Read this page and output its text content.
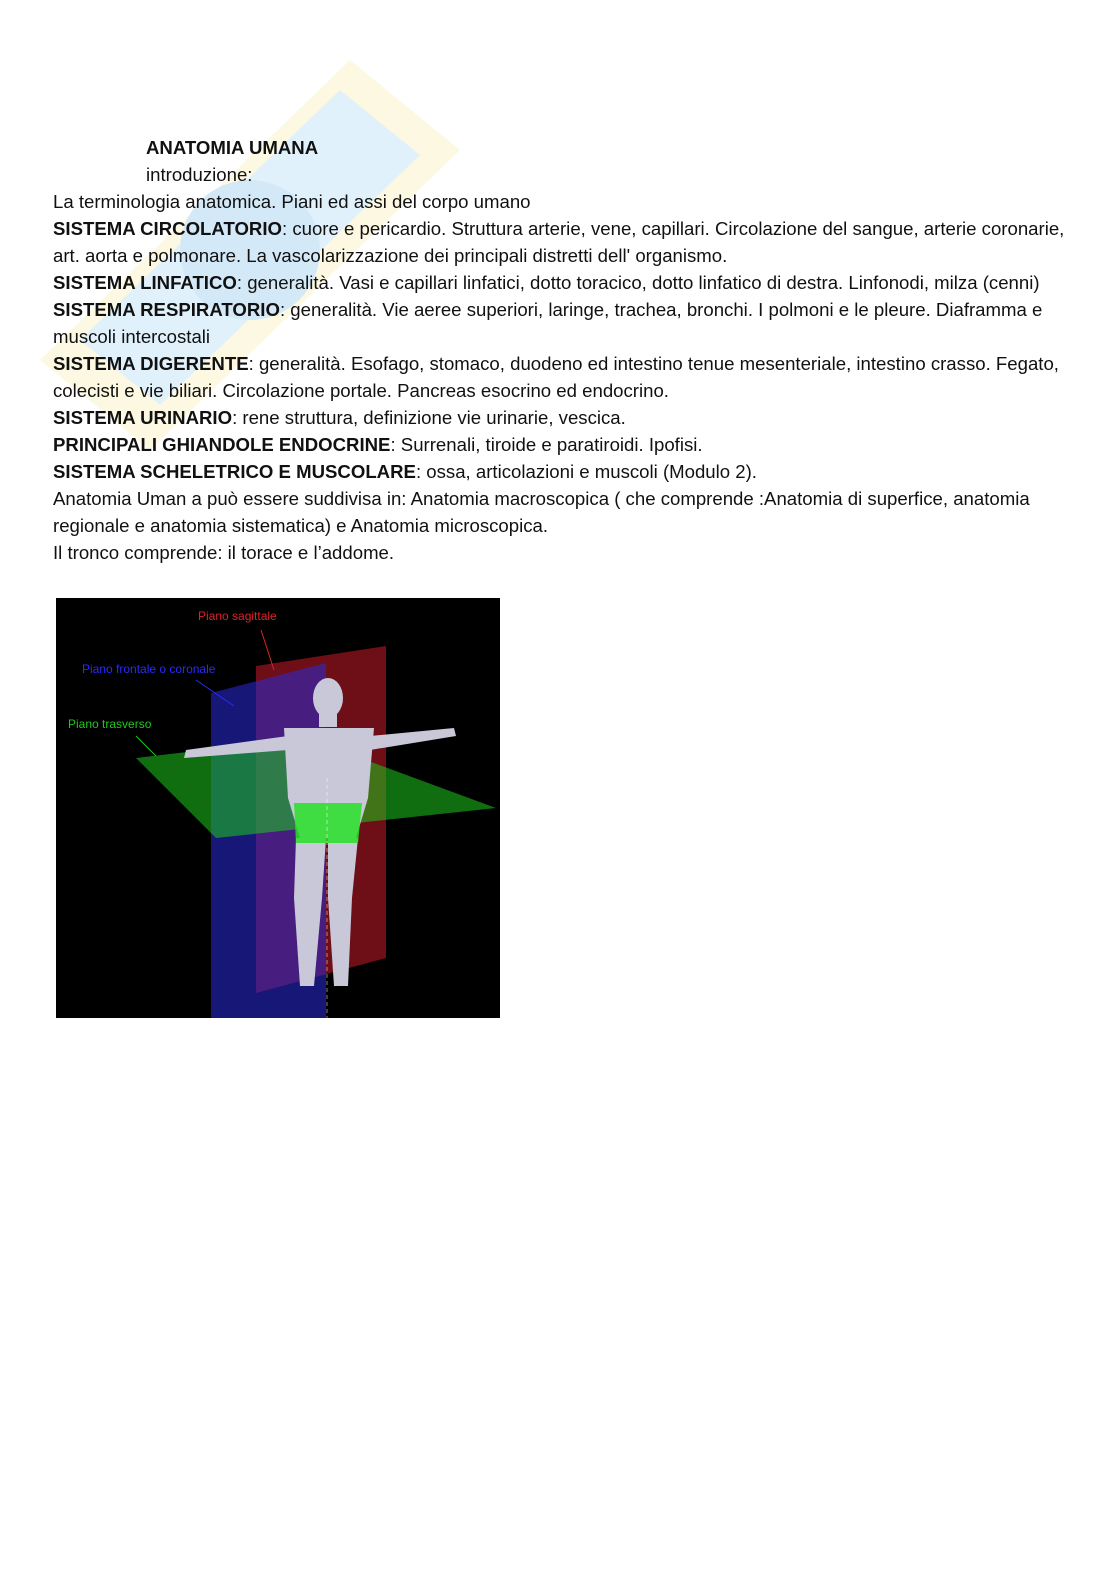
ANATOMIA UMANA

introduzione:

La terminologia anatomica. Piani ed assi del corpo umano

SISTEMA CIRCOLATORIO: cuore e pericardio. Struttura arterie, vene, capillari. Circolazione del sangue, arterie coronarie, art. aorta e polmonare. La vascolarizzazione dei principali distretti dell' organismo.

SISTEMA LINFATICO: generalità. Vasi e capillari linfatici, dotto toracico, dotto linfatico di destra. Linfonodi, milza (cenni)

SISTEMA RESPIRATORIO: generalità. Vie aeree superiori, laringe, trachea, bronchi. I polmoni e le pleure. Diaframma e muscoli intercostali

SISTEMA DIGERENTE: generalità. Esofago, stomaco, duodeno ed intestino tenue mesenteriale, intestino crasso. Fegato, colecisti e vie biliari. Circolazione portale. Pancreas esocrino ed endocrino.

SISTEMA URINARIO: rene struttura, definizione vie urinarie, vescica.

PRINCIPALI GHIANDOLE ENDOCRINE: Surrenali, tiroide e paratiroidi. Ipofisi.

SISTEMA SCHELETRICO E MUSCOLARE: ossa, articolazioni e muscoli (Modulo 2).

Anatomia Uman a può essere suddivisa in: Anatomia macroscopica ( che comprende :Anatomia di superfice, anatomia regionale e anatomia sistematica) e Anatomia microscopica.

Il tronco comprende: il torace e l’addome.

Piano sagittale
Piano frontale o coronale
Piano trasverso
